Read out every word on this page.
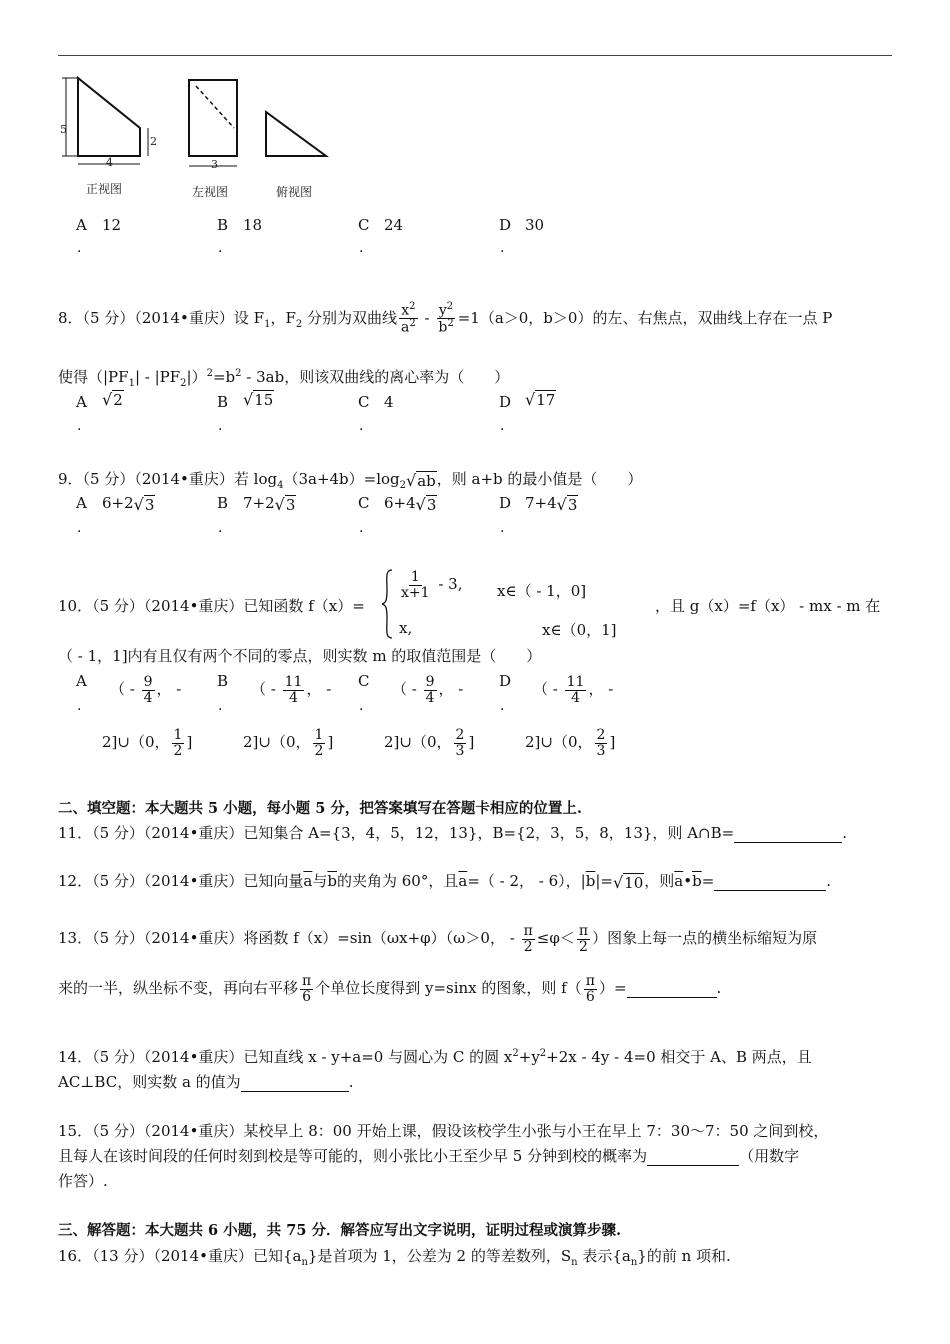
5
2
4	3
正视图	左视图	俯视图
A 12	B 18	C 24	D 30
.	.	.	.
8．（5 分）（2014•重庆）设 $F_1$，$F_2$ 分别为双曲线 $\frac{x^2}{a^2} - \frac{y^2}{b^2} =1(a>0$，b＞0）的左、右焦点，双曲线上存在一点 P
使得$(|PF_1| - |PF_2|)^2=b^2 - 3ab$，则该双曲线的离心率为（　　）
A √2	B √15	C 4	D √17
.	.	.	.
9．（5 分）（2014•重庆）若 $\log_4(3a+4b)=\log_2√ab$，则 a+b 的最小值是（　　）
A 6+2√3	B 7+2√3	C 6+4√3	D 7+4√3
.	.	.	.
10．（5 分）（2014•重庆）已知函数 f（x）=
$\frac{1}{x+1} - 3$, x∈（ - 1，0]
x,	x∈（0，1]
，且 g（x）=f（x） - mx - m 在
（ - 1，1]内有且仅有两个不同的零点，则实数 m 的取值范围是（　　）
A （ - $\frac{9}{4}$ ， -
2]∪（0， $\frac{1}{2}$ ]
B （ - $\frac{11}{4}$ ， -
2]∪（0， $\frac{1}{2}$ ]
C （ - $\frac{9}{4}$ ， -
2]∪（0， $\frac{2}{3}$ ]
D （ - $\frac{11}{4}$ ， -
2]∪（0， $\frac{2}{3}$ ]
.	.	.	.
二、填空题：本大题共 5 小题，每小题 5 分，把答案填写在答题卡相应的位置上.
11．（5 分）（2014•重庆）已知集合 A={3，4，5，12，13}，B={2，3，5，8，13}，则 A∩B=	.
12．（5 分）（2014•重庆）已知向量$\overline{a}$与$\overline{b}$的夹角为 60°，且$\overline{a}=( - 2$， - 6），$|\overline{b}|=√10$，则$\overline{a}•\overline{b}=$	.
13．（5 分）（2014•重庆）将函数 f（x）=sin（ωx+φ）（ω＞0， - $\frac{\pi}{2} \le\varphi< \frac{\pi}{2}$ ）图象上每一点的横坐标缩短为原
来的一半，纵坐标不变，再向右平移 $\frac{\pi}{6}$ 个单位长度得到 y=sinx 的图象，则 $f( \frac{\pi}{6}$ ）=	.
14．（5 分）（2014•重庆）已知直线 x - y+a=0 与圆心为 C 的圆 $x^2+y^2+2x - 4y - 4=0$ 相交于 A、B 两点，且
AC⊥BC，则实数 a 的值为	.
15．（5 分）（2014•重庆）某校早上 8：00 开始上课，假设该校学生小张与小王在早上 7：30～7：50 之间到校，
且每人在该时间段的任何时刻到校是等可能的，则小张比小王至少早 5 分钟到校的概率为	（用数字
作答）.
三、解答题：本大题共 6 小题，共 75 分．解答应写出文字说明，证明过程或演算步骤.
16．（13 分）（2014•重庆）已知$\{a_n\}$是首项为 1，公差为 2 的等差数列，$S_n$ 表示$\{a_n\}$的前 n 项和.
